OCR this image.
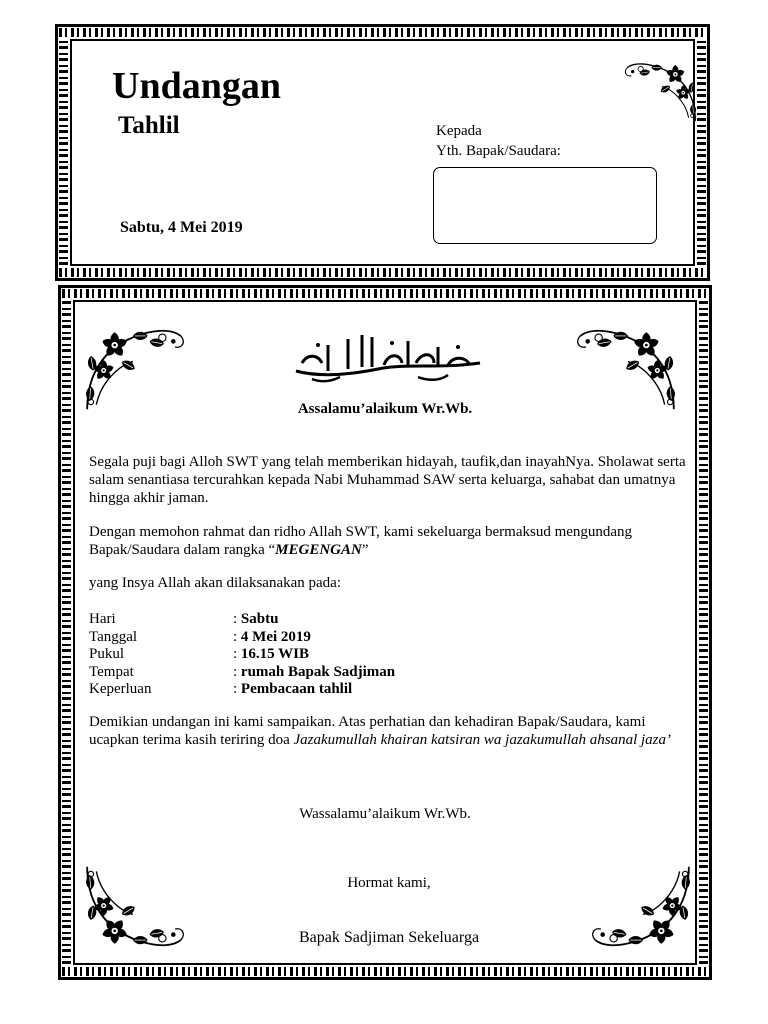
Undangan
Tahlil
Sabtu, 4 Mei 2019
Kepada
Yth. Bapak/Saudara:
Assalamu’alaikum Wr.Wb.
Segala puji bagi Alloh SWT yang telah memberikan hidayah, taufik,dan inayahNya. Sholawat serta salam senantiasa tercurahkan kepada Nabi Muhammad SAW serta keluarga, sahabat dan umatnya hingga akhir jaman.
Dengan memohon rahmat dan ridho Allah SWT, kami sekeluarga bermaksud mengundang Bapak/Saudara dalam rangka “MEGENGAN”
yang Insya Allah akan dilaksanakan pada:
Hari	: Sabtu
Tanggal	: 4 Mei 2019
Pukul	: 16.15 WIB
Tempat	: rumah Bapak Sadjiman
Keperluan	: Pembacaan tahlil
Demikian undangan ini kami sampaikan. Atas perhatian dan kehadiran Bapak/Saudara, kami ucapkan terima kasih teriring doa Jazakumullah khairan katsiran wa jazakumullah ahsanal jaza’
Wassalamu’alaikum Wr.Wb.
Hormat kami,
Bapak Sadjiman Sekeluarga
